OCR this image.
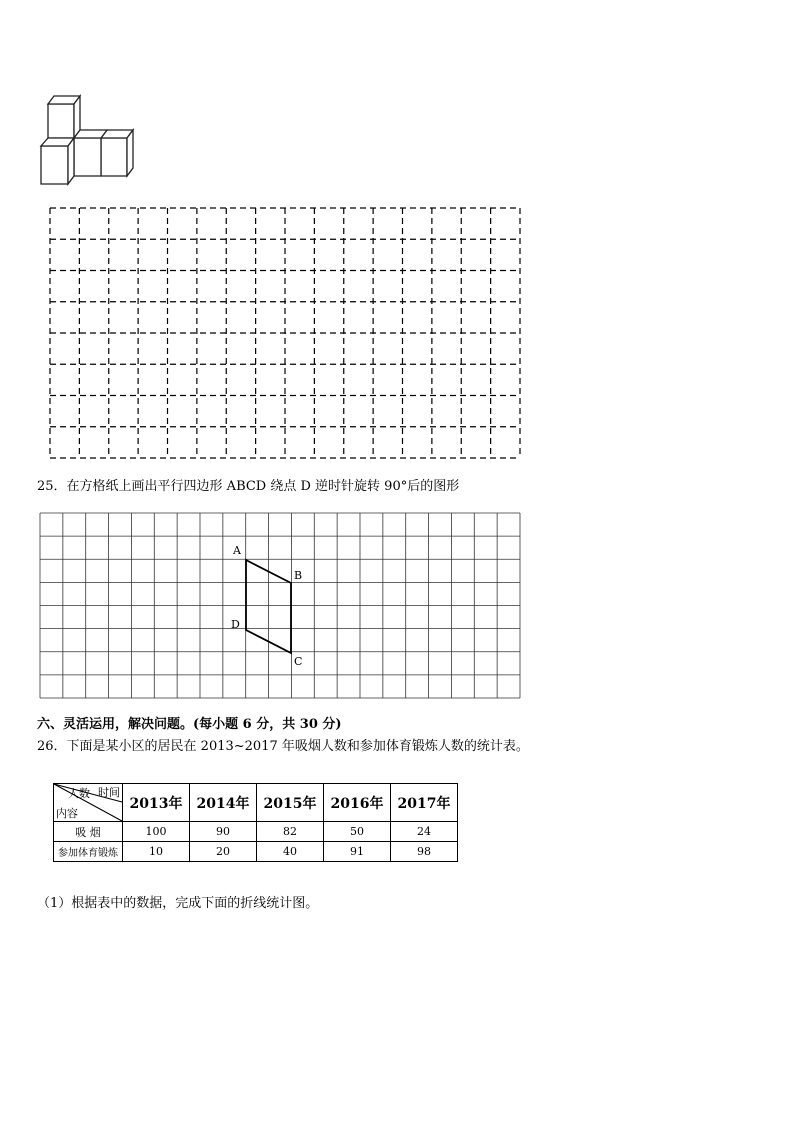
25．在方格纸上画出平行四边形 ABCD 绕点 D 逆时针旋转 90°后的图形
A
B
C
D
六、灵活运用，解决问题。(每小题 6 分，共 30 分)
26．下面是某小区的居民在 2013~2017 年吸烟人数和参加体育锻炼人数的统计表。
时间
人数
内容	2013年	2014年	2015年	2016年	2017年
吸 烟	100	90	82	50	24
参加体育锻炼	10	20	40	91	98
（1）根据表中的数据，完成下面的折线统计图。
